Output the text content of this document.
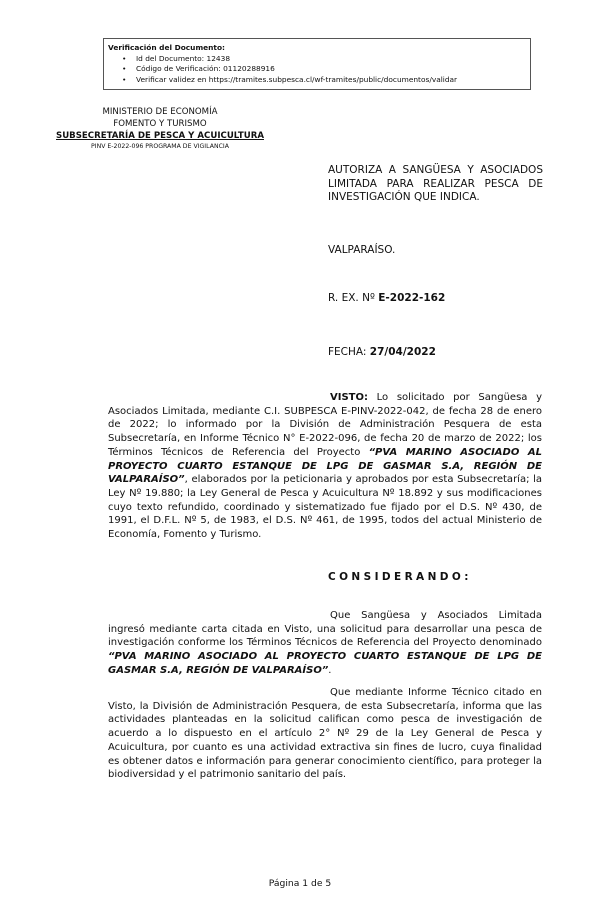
Verificación del Documento:
• Id del Documento: 12438
• Código de Verificación: 01120288916
• Verificar validez en https://tramites.subpesca.cl/wf-tramites/public/documentos/validar
MINISTERIO DE ECONOMÍA
FOMENTO Y TURISMO
SUBSECRETARÍA DE PESCA Y ACUICULTURA
PINV E-2022-096 PROGRAMA DE VIGILANCIA
AUTORIZA A SANGÜESA Y ASOCIADOS LIMITADA PARA REALIZAR PESCA DE INVESTIGACIÓN QUE INDICA.
VALPARAÍSO.
R. EX. Nº E-2022-162
FECHA: 27/04/2022

VISTO: Lo solicitado por Sangüesa y Asociados Limitada, mediante C.I. SUBPESCA E-PINV-2022-042, de fecha 28 de enero de 2022; lo informado por la División de Administración Pesquera de esta Subsecretaría, en Informe Técnico N° E-2022-096, de fecha 20 de marzo de 2022; los Términos Técnicos de Referencia del Proyecto “PVA MARINO ASOCIADO AL PROYECTO CUARTO ESTANQUE DE LPG DE GASMAR S.A, REGIÓN DE VALPARAÍSO”, elaborados por la peticionaria y aprobados por esta Subsecretaría; la Ley Nº 19.880; la Ley General de Pesca y Acuicultura Nº 18.892 y sus modificaciones cuyo texto refundido, coordinado y sistematizado fue fijado por el D.S. Nº 430, de 1991, el D.F.L. Nº 5, de 1983, el D.S. Nº 461, de 1995, todos del actual Ministerio de Economía, Fomento y Turismo.

CONSIDERANDO:

Que Sangüesa y Asociados Limitada ingresó mediante carta citada en Visto, una solicitud para desarrollar una pesca de investigación conforme los Términos Técnicos de Referencia del Proyecto denominado “PVA MARINO ASOCIADO AL PROYECTO CUARTO ESTANQUE DE LPG DE GASMAR S.A, REGIÓN DE VALPARAÍSO”.

Que mediante Informe Técnico citado en Visto, la División de Administración Pesquera, de esta Subsecretaría, informa que las actividades planteadas en la solicitud califican como pesca de investigación de acuerdo a lo dispuesto en el artículo 2° Nº 29 de la Ley General de Pesca y Acuicultura, por cuanto es una actividad extractiva sin fines de lucro, cuya finalidad es obtener datos e información para generar conocimiento científico, para proteger la biodiversidad y el patrimonio sanitario del país.

Página 1 de 5
